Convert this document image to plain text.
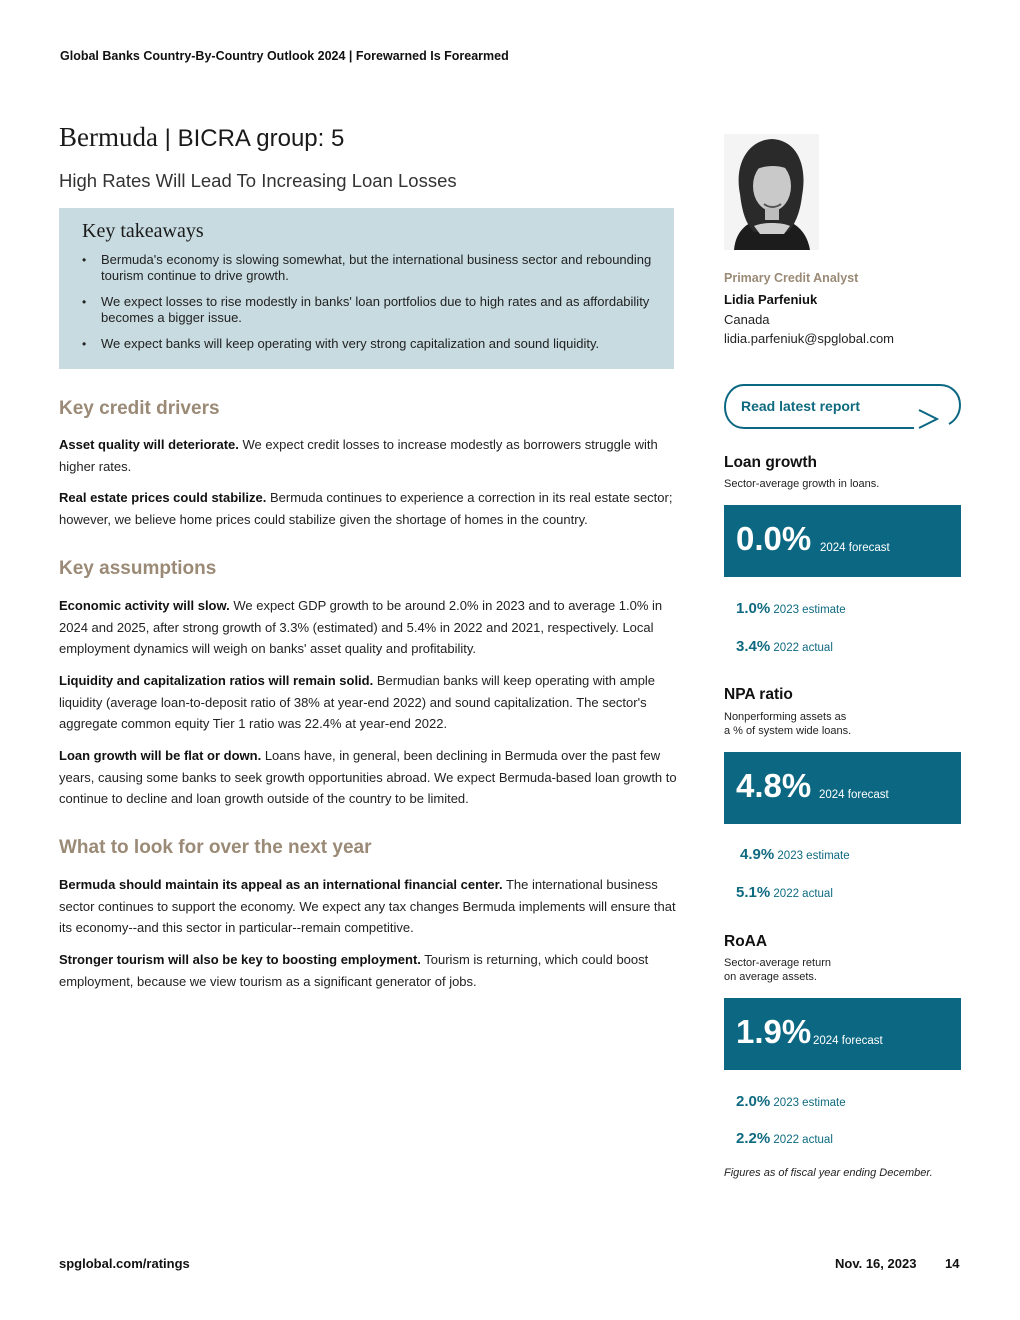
Global Banks Country-By-Country Outlook 2024 | Forewarned Is Forearmed
Bermuda | BICRA group: 5
High Rates Will Lead To Increasing Loan Losses
Key takeaways
• Bermuda's economy is slowing somewhat, but the international business sector and rebounding tourism continue to drive growth.
• We expect losses to rise modestly in banks' loan portfolios due to high rates and as affordability becomes a bigger issue.
• We expect banks will keep operating with very strong capitalization and sound liquidity.
Key credit drivers
Asset quality will deteriorate. We expect credit losses to increase modestly as borrowers struggle with higher rates.
Real estate prices could stabilize. Bermuda continues to experience a correction in its real estate sector; however, we believe home prices could stabilize given the shortage of homes in the country.
Key assumptions
Economic activity will slow. We expect GDP growth to be around 2.0% in 2023 and to average 1.0% in 2024 and 2025, after strong growth of 3.3% (estimated) and 5.4% in 2022 and 2021, respectively. Local employment dynamics will weigh on banks' asset quality and profitability.
Liquidity and capitalization ratios will remain solid. Bermudian banks will keep operating with ample liquidity (average loan-to-deposit ratio of 38% at year-end 2022) and sound capitalization. The sector's aggregate common equity Tier 1 ratio was 22.4% at year-end 2022.
Loan growth will be flat or down. Loans have, in general, been declining in Bermuda over the past few years, causing some banks to seek growth opportunities abroad. We expect Bermuda-based loan growth to continue to decline and loan growth outside of the country to be limited.
What to look for over the next year
Bermuda should maintain its appeal as an international financial center. The international business sector continues to support the economy. We expect any tax changes Bermuda implements will ensure that its economy--and this sector in particular--remain competitive.
Stronger tourism will also be key to boosting employment. Tourism is returning, which could boost employment, because we view tourism as a significant generator of jobs.
Primary Credit Analyst
Lidia Parfeniuk
Canada
lidia.parfeniuk@spglobal.com
Read latest report
Loan growth
Sector-average growth in loans.
0.0% 2024 forecast
1.0% 2023 estimate
3.4% 2022 actual
NPA ratio
Nonperforming assets as
a % of system wide loans.
4.8% 2024 forecast
4.9% 2023 estimate
5.1% 2022 actual
RoAA
Sector-average return
on average assets.
1.9% 2024 forecast
2.0% 2023 estimate
2.2% 2022 actual
Figures as of fiscal year ending December.
spglobal.com/ratings	Nov. 16, 2023 14
